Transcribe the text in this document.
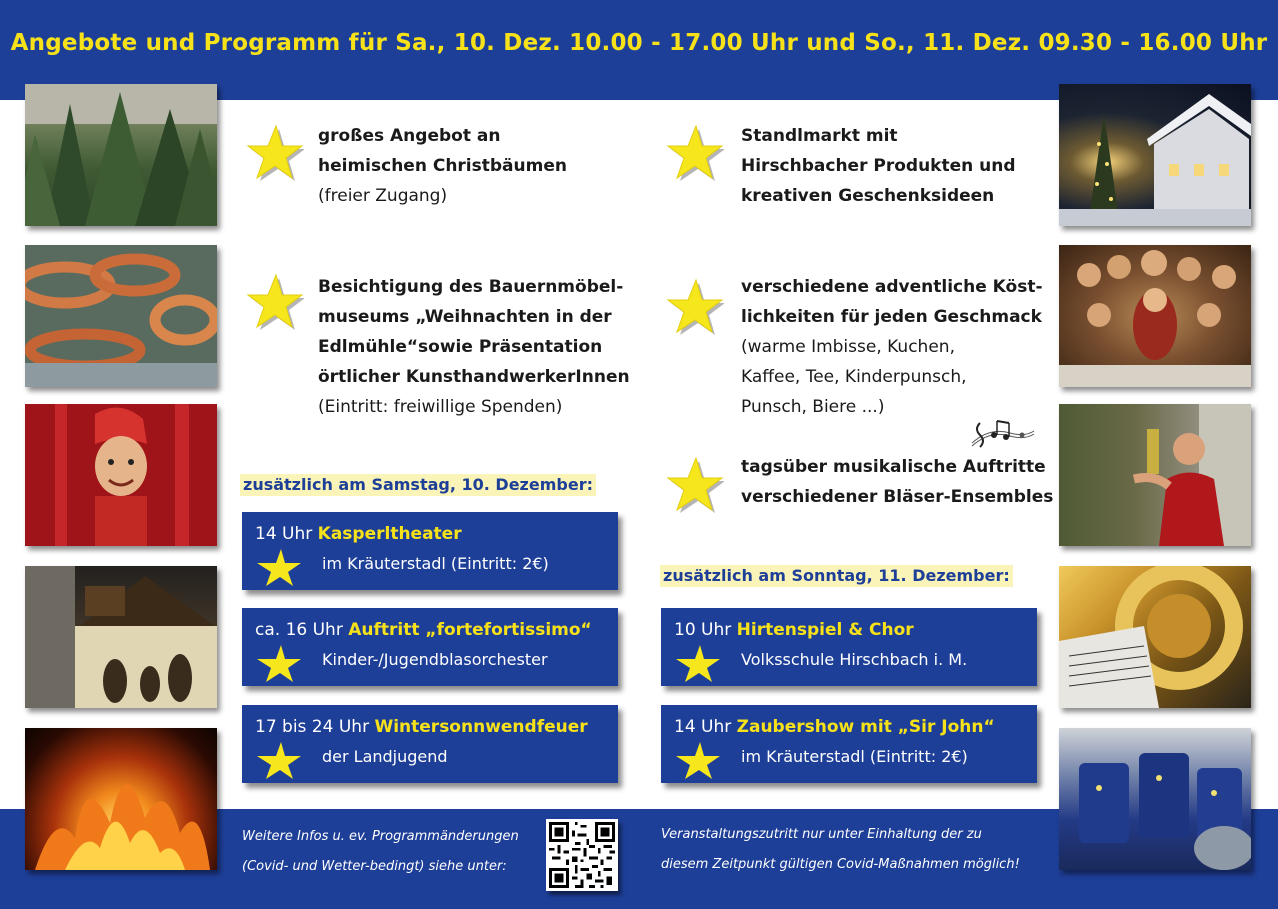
Angebote und Programm für Sa., 10. Dez. 10.00 - 17.00 Uhr und So., 11. Dez. 09.30 - 16.00 Uhr
großes Angebot an
heimischen Christbäumen
(freier Zugang)
Besichtigung des Bauernmöbel-
museums „Weihnachten in der
Edlmühle“sowie Präsentation
örtlicher KunsthandwerkerInnen
(Eintritt: freiwillige Spenden)
Standlmarkt mit
Hirschbacher Produkten und
kreativen Geschenksideen
verschiedene adventliche Köst-
lichkeiten für jeden Geschmack
(warme Imbisse, Kuchen,
Kaffee, Tee, Kinderpunsch,
Punsch, Biere ...)
tagsüber musikalische Auftritte
verschiedener Bläser-Ensembles
zusätzlich am Samstag, 10. Dezember:
14 Uhr Kasperltheater
im Kräuterstadl (Eintritt: 2€)
ca. 16 Uhr Auftritt „fortefortissimo“
Kinder-/Jugendblasorchester
17 bis 24 Uhr Wintersonnwendfeuer
der Landjugend
zusätzlich am Sonntag, 11. Dezember:
10 Uhr Hirtenspiel & Chor
Volksschule Hirschbach i. M.
14 Uhr Zaubershow mit „Sir John“
im Kräuterstadl (Eintritt: 2€)
Weitere Infos u. ev. Programmänderungen
(Covid- und Wetter-bedingt) siehe unter:
Veranstaltungszutritt nur unter Einhaltung der zu
diesem Zeitpunkt gültigen Covid-Maßnahmen möglich!
